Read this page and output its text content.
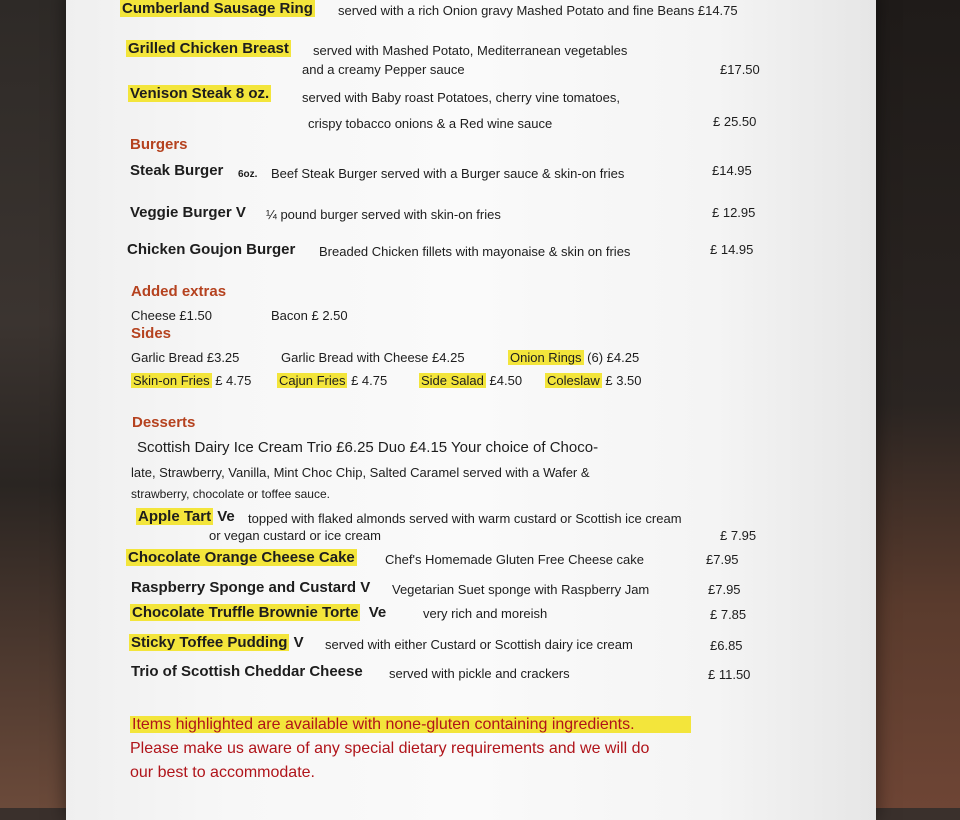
Cumberland Sausage Ring served with a rich Onion gravy Mashed Potato and fine Beans £14.75
Grilled Chicken Breast served with Mashed Potato, Mediterranean vegetables
and a creamy Pepper sauce	£17.50
Venison Steak 8 oz.	served with Baby roast Potatoes, cherry vine tomatoes,
crispy tobacco onions & a Red wine sauce	£ 25.50
Burgers
Steak Burger 6oz. Beef Steak Burger served with a Burger sauce & skin-on fries	£14.95
Veggie Burger V ¼ pound burger served with skin-on fries	£ 12.95
Chicken Goujon Burger Breaded Chicken fillets with mayonaise & skin on fries	£ 14.95
Added extras
Cheese £1.50	Bacon £ 2.50
Sides
Garlic Bread £3.25	Garlic Bread with Cheese £4.25	Onion Rings (6) £4.25
Skin-on Fries £ 4.75 Cajun Fries £ 4.75	Side Salad £4.50 Coleslaw £ 3.50
Desserts
Scottish Dairy Ice Cream Trio £6.25 Duo £4.15 Your choice of Choco-
late, Strawberry, Vanilla, Mint Choc Chip, Salted Caramel served with a Wafer &
strawberry, chocolate or toffee sauce.
Apple Tart Ve topped with flaked almonds served with warm custard or Scottish ice cream
or vegan custard or ice cream	£ 7.95
Chocolate Orange Cheese Cake Chef's Homemade Gluten Free Cheese cake	£7.95
Raspberry Sponge and Custard V Vegetarian Suet sponge with Raspberry Jam	£7.95
Chocolate Truffle Brownie Torte Ve	very rich and moreish	£ 7.85
Sticky Toffee Pudding V served with either Custard or Scottish dairy ice cream	£6.85
Trio of Scottish Cheddar Cheese served with pickle and crackers	£ 11.50
Items highlighted are available with none-gluten containing ingredients.
Please make us aware of any special dietary requirements and we will do
our best to accommodate.
